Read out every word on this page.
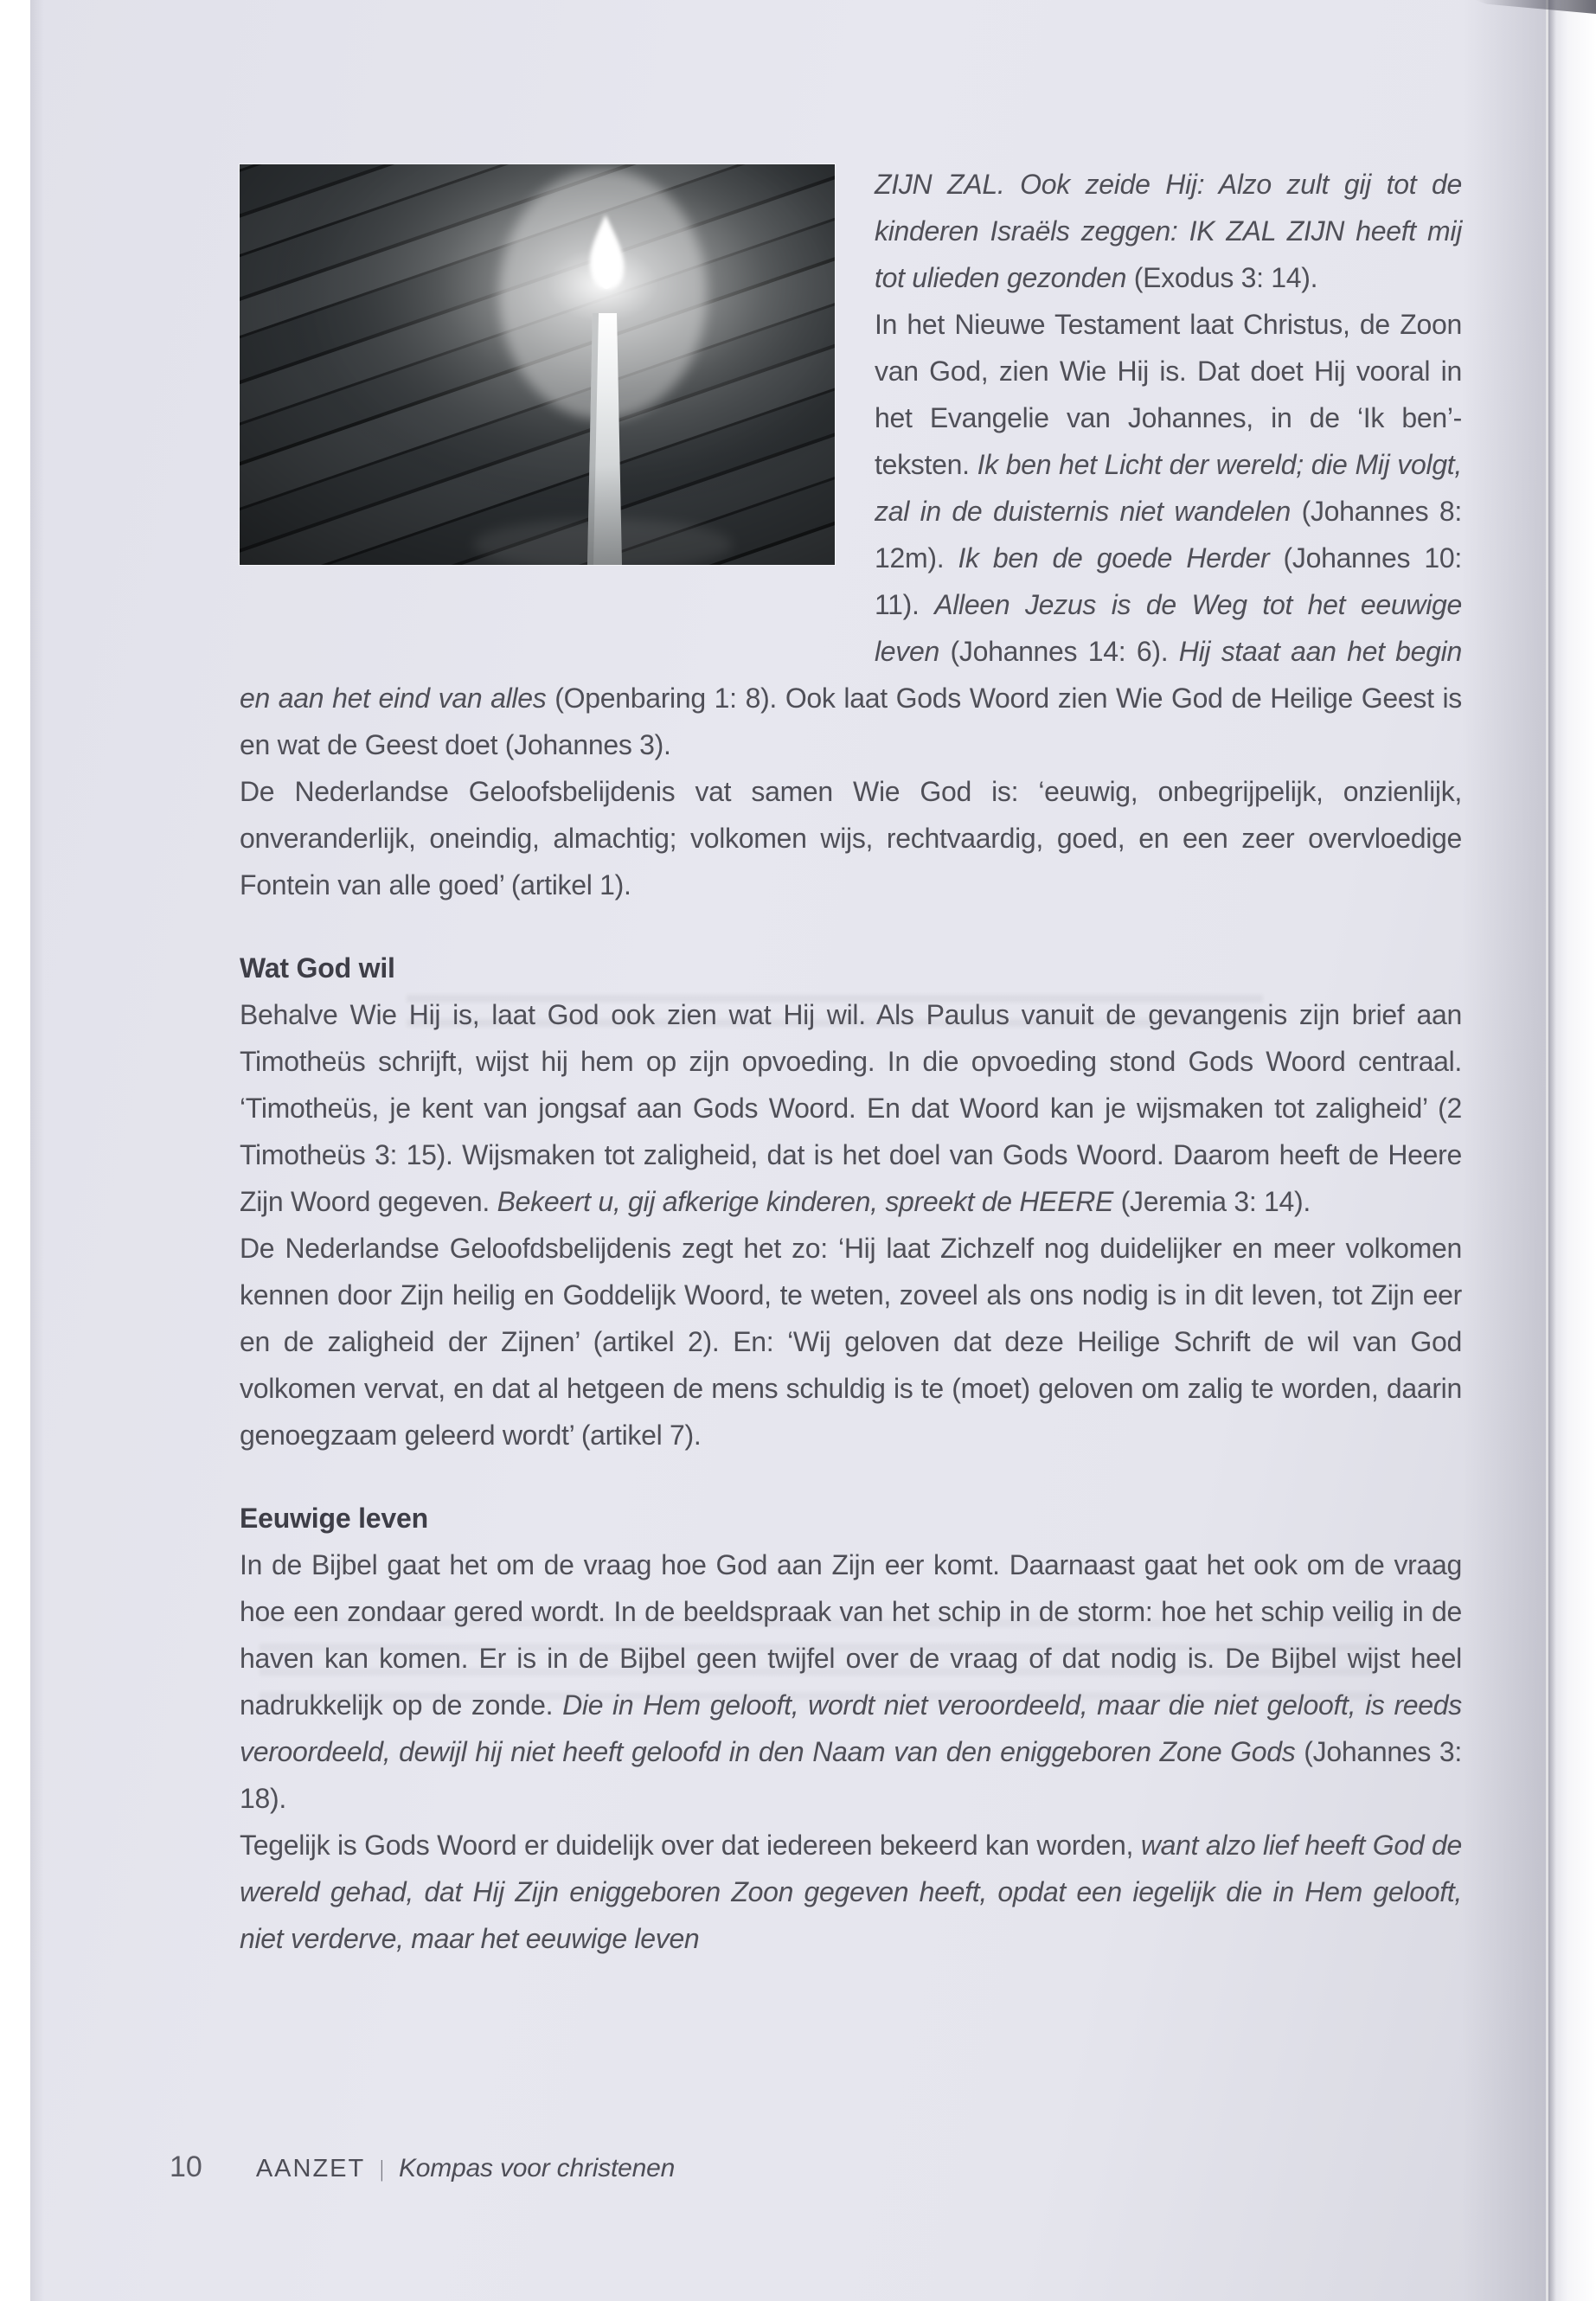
ZIJN ZAL. Ook zeide Hij: Alzo zult gij tot de kinderen Israëls zeggen: IK ZAL ZIJN heeft mij tot ulieden gezonden (Exodus 3: 14).

In het Nieuwe Testament laat Christus, de Zoon van God, zien Wie Hij is. Dat doet Hij vooral in het Evangelie van Johannes, in de ‘Ik ben’-teksten. Ik ben het Licht der wereld; die Mij volgt, zal in de duisternis niet wandelen (Johannes 8: 12m). Ik ben de goede Herder (Johannes 10: 11). Alleen Jezus is de Weg tot het eeuwige leven (Johannes 14: 6). Hij staat aan het begin en aan het eind van alles (Openbaring 1: 8). Ook laat Gods Woord zien Wie God de Heilige Geest is en wat de Geest doet (Johannes 3).

De Nederlandse Geloofsbelijdenis vat samen Wie God is: ‘eeuwig, onbegrijpelijk, onzienlijk, onveranderlijk, oneindig, almachtig; volkomen wijs, rechtvaardig, goed, en een zeer overvloedige Fontein van alle goed’ (artikel 1).

Wat God wil

Behalve Wie Hij is, laat God ook zien wat Hij wil. Als Paulus vanuit de gevangenis zijn brief aan Timotheüs schrijft, wijst hij hem op zijn opvoeding. In die opvoeding stond Gods Woord centraal. ‘Timotheüs, je kent van jongsaf aan Gods Woord. En dat Woord kan je wijsmaken tot zaligheid’ (2 Timotheüs 3: 15). Wijsmaken tot zaligheid, dat is het doel van Gods Woord. Daarom heeft de Heere Zijn Woord gegeven. Bekeert u, gij afkerige kinderen, spreekt de HEERE (Jeremia 3: 14).

De Nederlandse Geloofdsbelijdenis zegt het zo: ‘Hij laat Zichzelf nog duidelijker en meer volkomen kennen door Zijn heilig en Goddelijk Woord, te weten, zoveel als ons nodig is in dit leven, tot Zijn eer en de zaligheid der Zijnen’ (artikel 2). En: ‘Wij geloven dat deze Heilige Schrift de wil van God volkomen vervat, en dat al hetgeen de mens schuldig is te (moet) geloven om zalig te worden, daarin genoegzaam geleerd wordt’ (artikel 7).

Eeuwige leven

In de Bijbel gaat het om de vraag hoe God aan Zijn eer komt. Daarnaast gaat het ook om de vraag hoe een zondaar gered wordt. In de beeldspraak van het schip in de storm: hoe het schip veilig in de haven kan komen. Er is in de Bijbel geen twijfel over de vraag of dat nodig is. De Bijbel wijst heel nadrukkelijk op de zonde. Die in Hem gelooft, wordt niet veroordeeld, maar die niet gelooft, is reeds veroordeeld, dewijl hij niet heeft geloofd in den Naam van den eniggeboren Zone Gods (Johannes 3: 18).

Tegelijk is Gods Woord er duidelijk over dat iedereen bekeerd kan worden, want alzo lief heeft God de wereld gehad, dat Hij Zijn eniggeboren Zoon gegeven heeft, opdat een iegelijk die in Hem gelooft, niet verderve, maar het eeuwige leven

10 AANZET | Kompas voor christenen
